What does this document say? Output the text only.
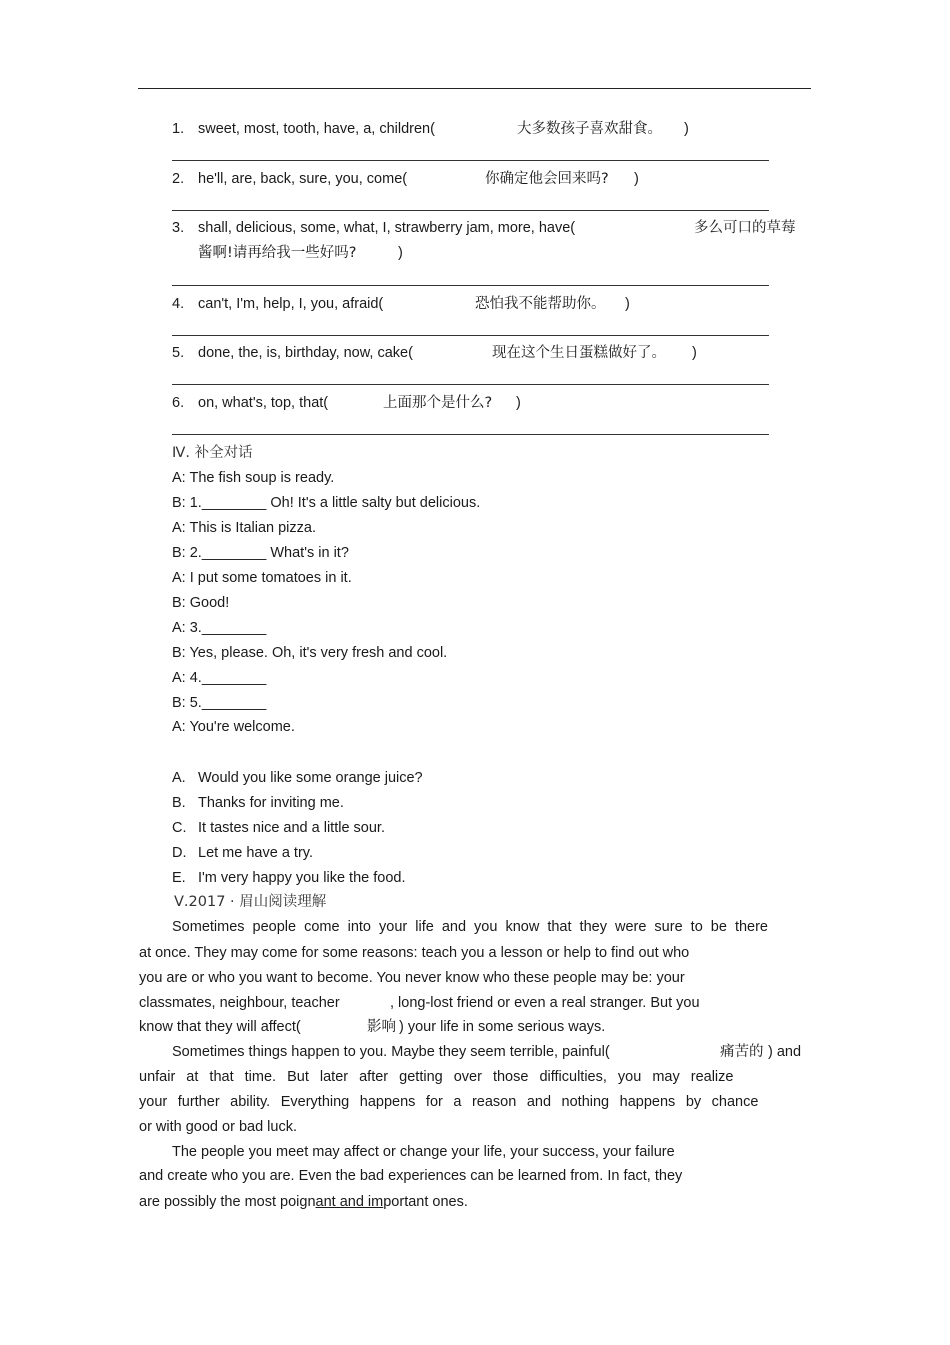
1. sweet, most, tooth, have, a, children(	大多数孩子喜欢甜食。 )
2. he'll, are, back, sure, you, come(	你确定他会回来吗? )
3. shall, delicious, some, what, I, strawberry jam, more, have(	多么可口的草莓
酱啊!请再给我一些好吗?	)
4. can't, I'm, help, I, you, afraid(	恐怕我不能帮助你。 )
5. done, the, is, birthday, now, cake(	现在这个生日蛋糕做好了。 )
6. on, what's, top, that(	上面那个是什么? )
Ⅳ. 补全对话
A: The fish soup is ready.
B: 1.________ Oh! It's a little salty but delicious.
A: This is Italian pizza.
B: 2.________ What's in it?
A: I put some tomatoes in it.
B: Good!
A: 3.________
B: Yes, please. Oh, it's very fresh and cool.
A: 4.________
B: 5.________
A: You're welcome.
A. Would you like some orange juice?
B. Thanks for inviting me.
C. It tastes nice and a little sour.
D. Let me have a try.
E. I'm very happy you like the food.
Ⅴ.2017 · 眉山阅读理解
Sometimes people come into your life and you know that they were sure to be there
at once. They may come for some reasons: teach you a lesson or help to find out who
you are or who you want to become. You never know who these people may be: your
classmates, neighbour, teacher	, long-lost friend or even a real stranger. But you
know that they will affect(	影响 ) your life in some serious ways.
Sometimes things happen to you. Maybe they seem terrible, painful(	痛苦的 ) and
unfair at that time. But later after getting over those difficulties, you may realize
your further ability. Everything happens for a reason and nothing happens by chance
or with good or bad luck.
The people you meet may affect or change your life, your success, your failure
and create who you are. Even the bad experiences can be learned from. In fact, they
are possibly the most poignant and important ones.
